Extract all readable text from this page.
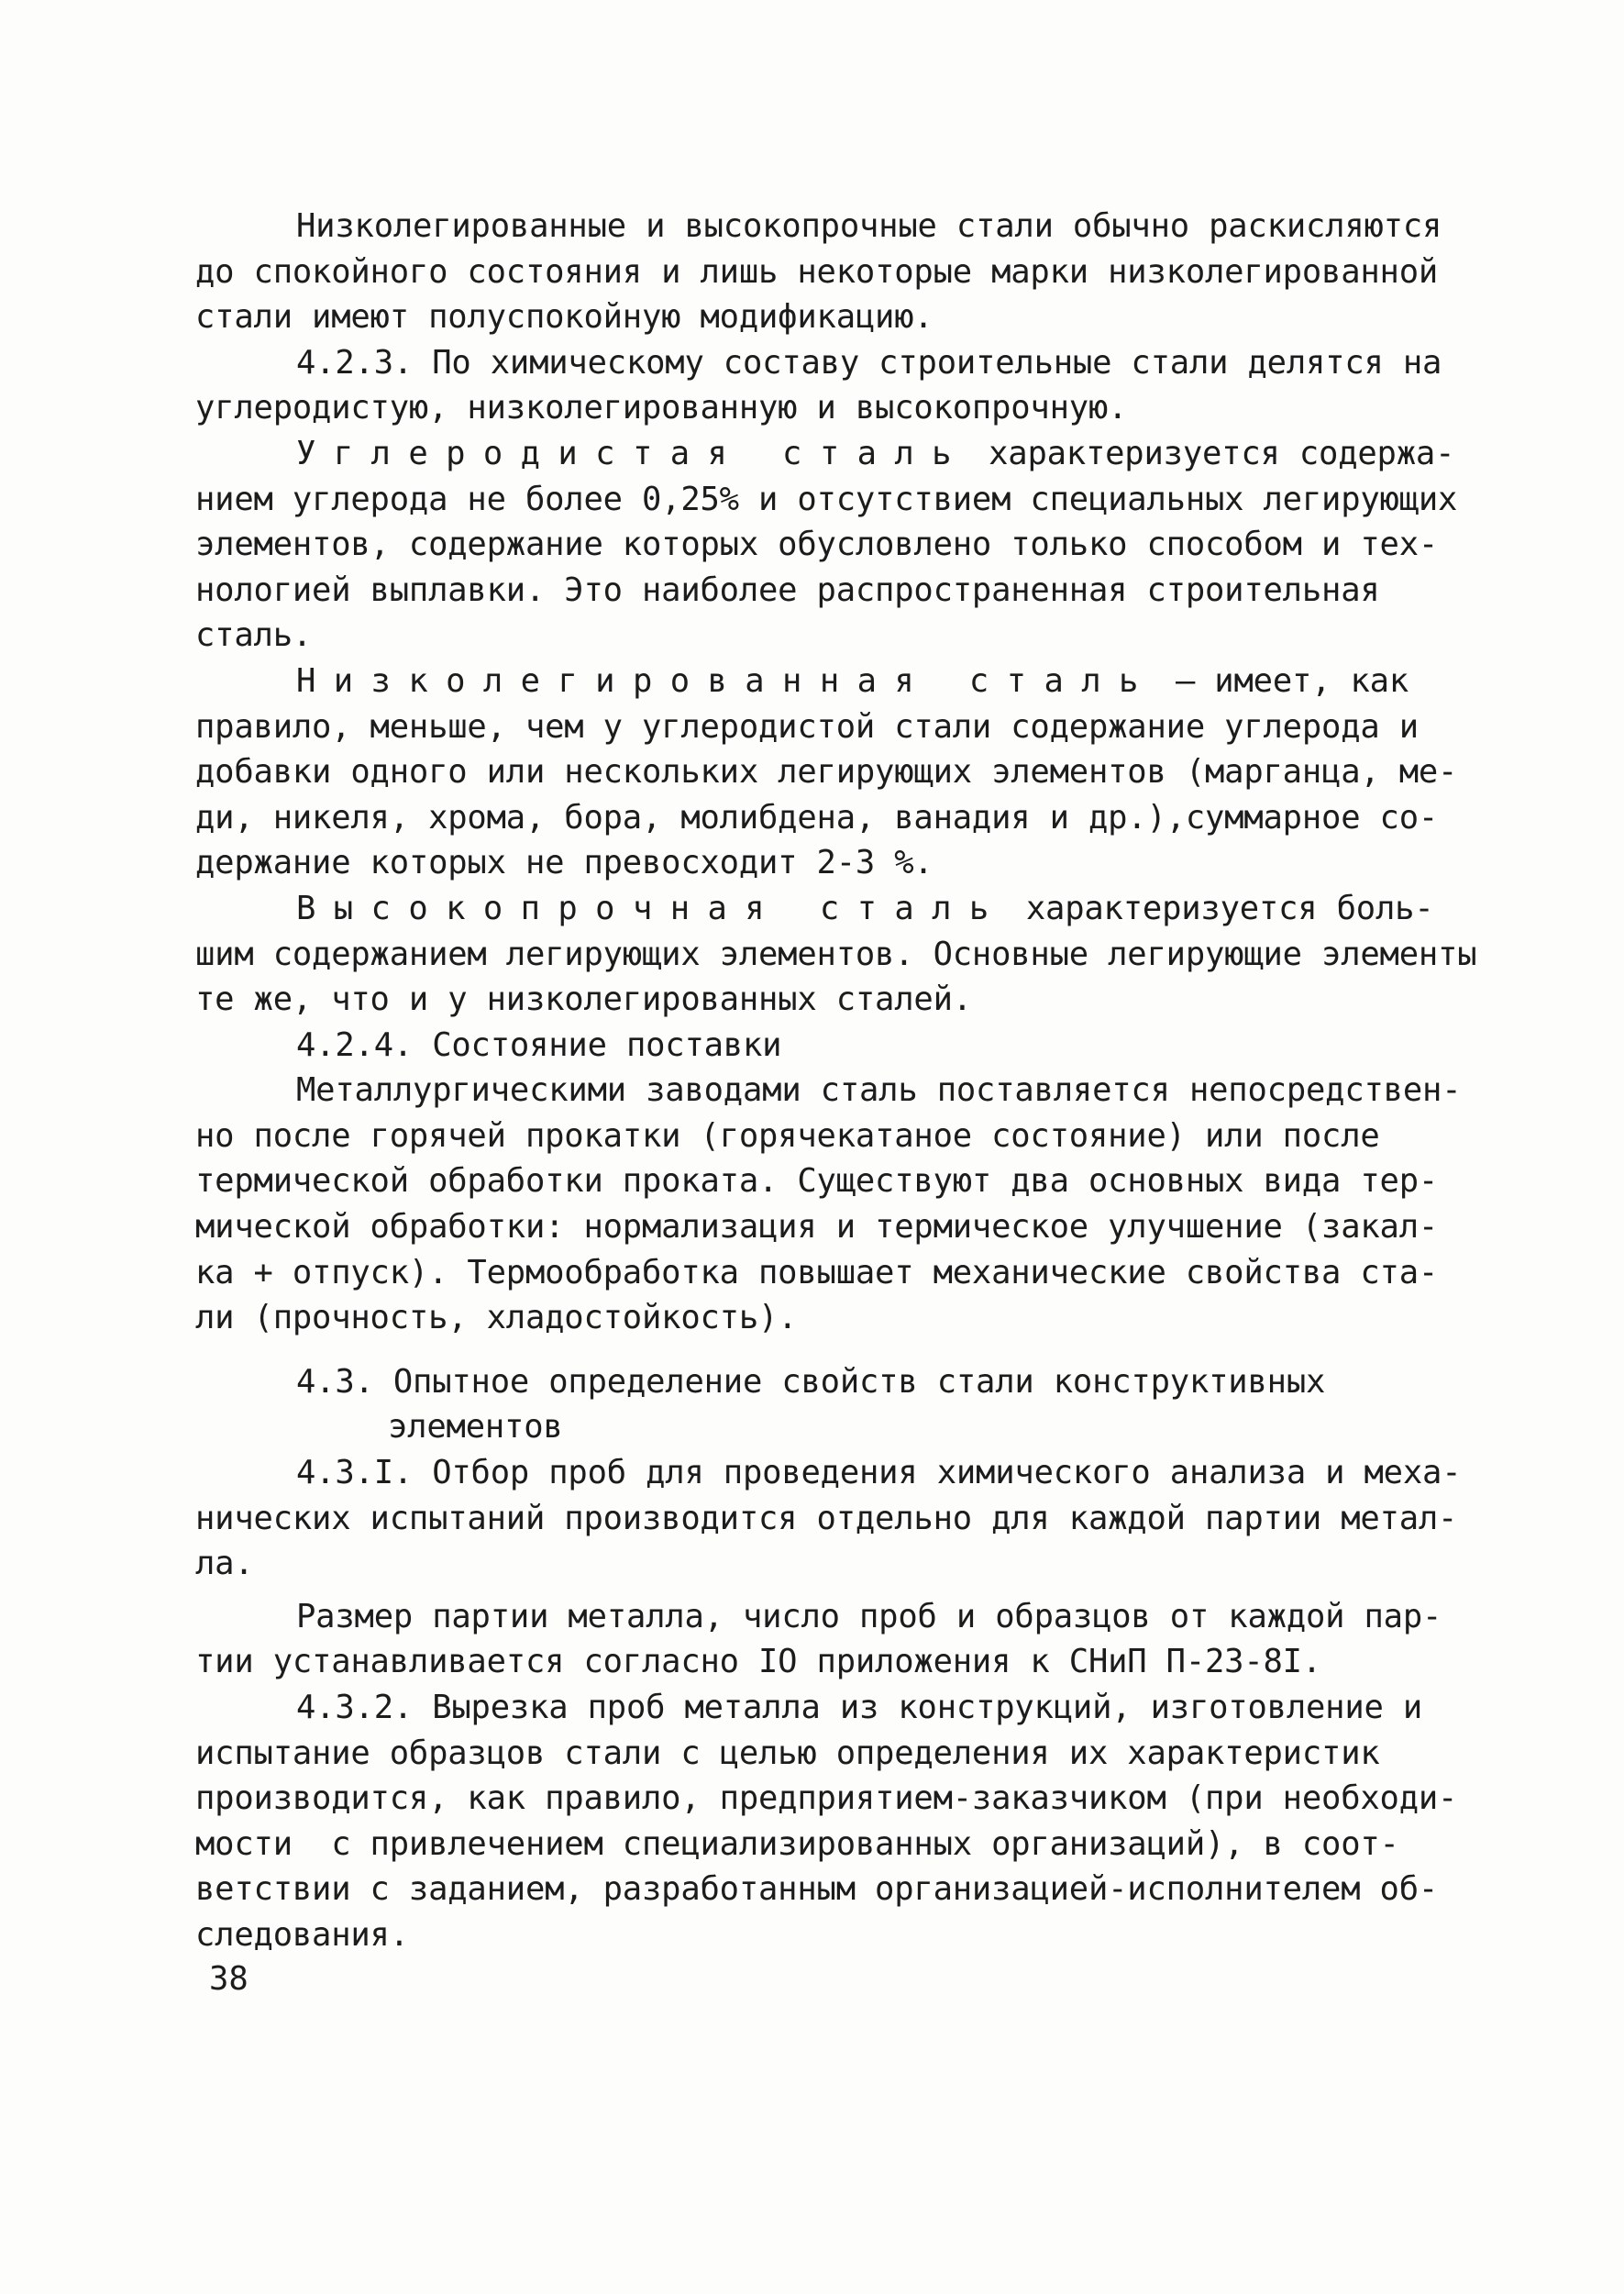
Низколегированные и высокопрочные стали обычно раскисляются
до спокойного состояния и лишь некоторые марки низколегированной
стали имеют полуспокойную модификацию.
4.2.3. По химическому составу строительные стали делятся на
углеродистую, низколегированную и высокопрочную.
Углеродистая сталь характеризуется содержа-
нием углерода не более 0,25% и отсутствием специальных легирующих
элементов, содержание которых обусловлено только способом и тех-
нологией выплавки. Это наиболее распространенная строительная
сталь.
Низколегированная сталь – имеет, как
правило, меньше, чем у углеродистой стали содержание углерода и
добавки одного или нескольких легирующих элементов (марганца, ме-
ди, никеля, хрома, бора, молибдена, ванадия и др.),суммарное со-
держание которых не превосходит 2-3 %.
Высокопрочная сталь характеризуется боль-
шим содержанием легирующих элементов. Основные легирующие элементы
те же, что и у низколегированных сталей.
4.2.4. Состояние поставки
Металлургическими заводами сталь поставляется непосредствен-
но после горячей прокатки (горячекатаное состояние) или после
термической обработки проката. Существуют два основных вида тер-
мической обработки: нормализация и термическое улучшение (закал-
ка + отпуск). Термообработка повышает механические свойства ста-
ли (прочность, хладостойкость).
4.3. Опытное определение свойств стали конструктивных
элементов
4.3.I. Отбор проб для проведения химического анализа и меха-
нических испытаний производится отдельно для каждой партии метал-
ла.
Размер партии металла, число проб и образцов от каждой пар-
тии устанавливается согласно IO приложения к СНиП П-23-8I.
4.3.2. Вырезка проб металла из конструкций, изготовление и
испытание образцов стали с целью определения их характеристик
производится, как правило, предприятием-заказчиком (при необходи-
мости  с привлечением специализированных организаций), в соот-
ветствии с заданием, разработанным организацией-исполнителем об-
следования.
38
